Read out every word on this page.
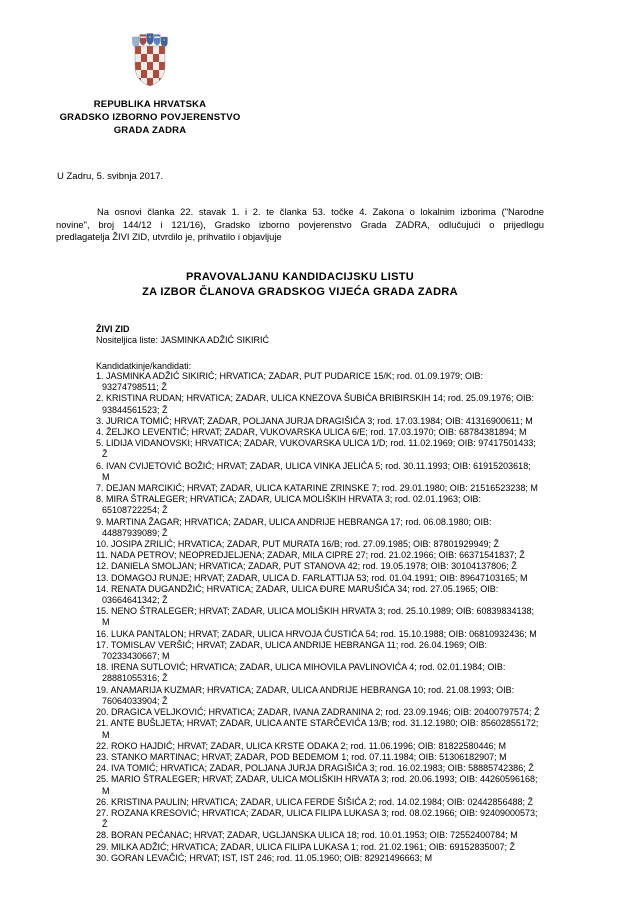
REPUBLIKA HRVATSKA
GRADSKO IZBORNO POVJERENSTVO
GRADA ZADRA
U Zadru, 5. svibnja 2017.
Na osnovi članka 22. stavak 1. i 2. te članka 53. točke 4. Zakona o lokalnim izborima ("Narodne
novine", broj 144/12 i 121/16), Gradsko izborno povjerenstvo Grada ZADRA, odlučujući o prijedlogu
predlagatelja ŽIVI ZID, utvrdilo je, prihvatilo i objavljuje
PRAVOVALJANU KANDIDACIJSKU LISTU
ZA IZBOR ČLANOVA GRADSKOG VIJEĆA GRADA ZADRA
ŽIVI ZID
Nositeljica liste: JASMINKA ADŽIĆ SIKIRIĆ
Kandidatkinje/kandidati:
1. JASMINKA ADŽIĆ SIKIRIĆ; HRVATICA; ZADAR, PUT PUDARICE 15/K; rod. 01.09.1979; OIB:
93274798511; Ž
2. KRISTINA RUDAN; HRVATICA; ZADAR, ULICA KNEZOVA ŠUBIĆA BRIBIRSKIH 14; rod. 25.09.1976; OIB:
93844561523; Ž
3. JURICA TOMIĆ; HRVAT; ZADAR, POLJANA JURJA DRAGIŠIĆA 3; rod. 17.03.1984; OIB: 41316900611; M
4. ŽELJKO LEVENTIĆ; HRVAT; ZADAR, VUKOVARSKA ULICA 6/E; rod. 17.03.1970; OIB: 68784381894; M
5. LIDIJA VIDANOVSKI; HRVATICA; ZADAR, VUKOVARSKA ULICA 1/D; rod. 11.02.1969; OIB: 97417501433;
Ž
6. IVAN CVIJETOVIĆ BOŽIĆ; HRVAT; ZADAR, ULICA VINKA JELIĆA 5; rod. 30.11.1993; OIB: 61915203618;
M
7. DEJAN MARCIKIĆ; HRVAT; ZADAR, ULICA KATARINE ZRINSKE 7; rod. 29.01.1980; OIB: 21516523238; M
8. MIRA ŠTRALEGER; HRVATICA; ZADAR, ULICA MOLIŠKIH HRVATA 3; rod. 02.01.1963; OIB:
65108722254; Ž
9. MARTINA ŽAGAR; HRVATICA; ZADAR, ULICA ANDRIJE HEBRANGA 17; rod. 06.08.1980; OIB:
44887939089; Ž
10. JOSIPA ZRILIĆ; HRVATICA; ZADAR, PUT MURATA 16/B; rod. 27.09.1985; OIB: 87801929949; Ž
11. NADA PETROV; NEOPREDJELJENA; ZADAR, MILA CIPRE 27; rod. 21.02.1966; OIB: 66371541837; Ž
12. DANIELA SMOLJAN; HRVATICA; ZADAR, PUT STANOVA 42; rod. 19.05.1978; OIB: 30104137806; Ž
13. DOMAGOJ RUNJE; HRVAT; ZADAR, ULICA D. FARLATTIJA 53; rod. 01.04.1991; OIB: 89647103165; M
14. RENATA DUGANDŽIĆ; HRVATICA; ZADAR, ULICA ĐURE MARUŠIĆA 34; rod. 27.05.1965; OIB:
03664641342; Ž
15. NENO ŠTRALEGER; HRVAT; ZADAR, ULICA MOLIŠKIH HRVATA 3; rod. 25.10.1989; OIB: 60839834138;
M
16. LUKA PANTALON; HRVAT; ZADAR, ULICA HRVOJA ĆUSTIĆA 54; rod. 15.10.1988; OIB: 06810932436; M
17. TOMISLAV VERŠIĆ; HRVAT; ZADAR, ULICA ANDRIJE HEBRANGA 11; rod. 26.04.1969; OIB:
70233430667; M
18. IRENA SUTLOVIĆ; HRVATICA; ZADAR, ULICA MIHOVILA PAVLINOVIĆA 4; rod. 02.01.1984; OIB:
28881055316; Ž
19. ANAMARIJA KUZMAR; HRVATICA; ZADAR, ULICA ANDRIJE HEBRANGA 10; rod. 21.08.1993; OIB:
76064033904; Ž
20. DRAGICA VELJKOVIĆ; HRVATICA; ZADAR, IVANA ZADRANINA 2; rod. 23.09.1946; OIB: 20400797574; Ž
21. ANTE BUŠLJETA; HRVAT; ZADAR, ULICA ANTE STARČEVIĆA 13/B; rod. 31.12.1980; OIB: 85602855172;
M
22. ROKO HAJDIĆ; HRVAT; ZADAR, ULICA KRSTE ODAKA 2; rod. 11.06.1996; OIB: 81822580446; M
23. STANKO MARTINAC; HRVAT; ZADAR, POD BEDEMOM 1; rod. 07.11.1984; OIB: 51306182907; M
24. IVA TOMIĆ; HRVATICA; ZADAR, POLJANA JURJA DRAGIŠIĆA 3; rod. 16.02.1983; OIB: 58885742386; Ž
25. MARIO ŠTRALEGER; HRVAT; ZADAR, ULICA MOLIŠKIH HRVATA 3; rod. 20.06.1993; OIB: 44260596168;
M
26. KRISTINA PAULIN; HRVATICA; ZADAR, ULICA FERDE ŠIŠIĆA 2; rod. 14.02.1984; OIB: 02442856488; Ž
27. ROZANA KRESOVIĆ; HRVATICA; ZADAR, ULICA FILIPA LUKASA 3; rod. 08.02.1966; OIB: 92409000573;
Ž
28. BORAN PEĆANAC; HRVAT; ZADAR, UGLJANSKA ULICA 18; rod. 10.01.1953; OIB: 72552400784; M
29. MILKA ADŽIĆ; HRVATICA; ZADAR, ULICA FILIPA LUKASA 1; rod. 21.02.1961; OIB: 69152835007; Ž
30. GORAN LEVAČIĆ; HRVAT; IST, IST 246; rod. 11.05.1960; OIB: 82921496663; M
